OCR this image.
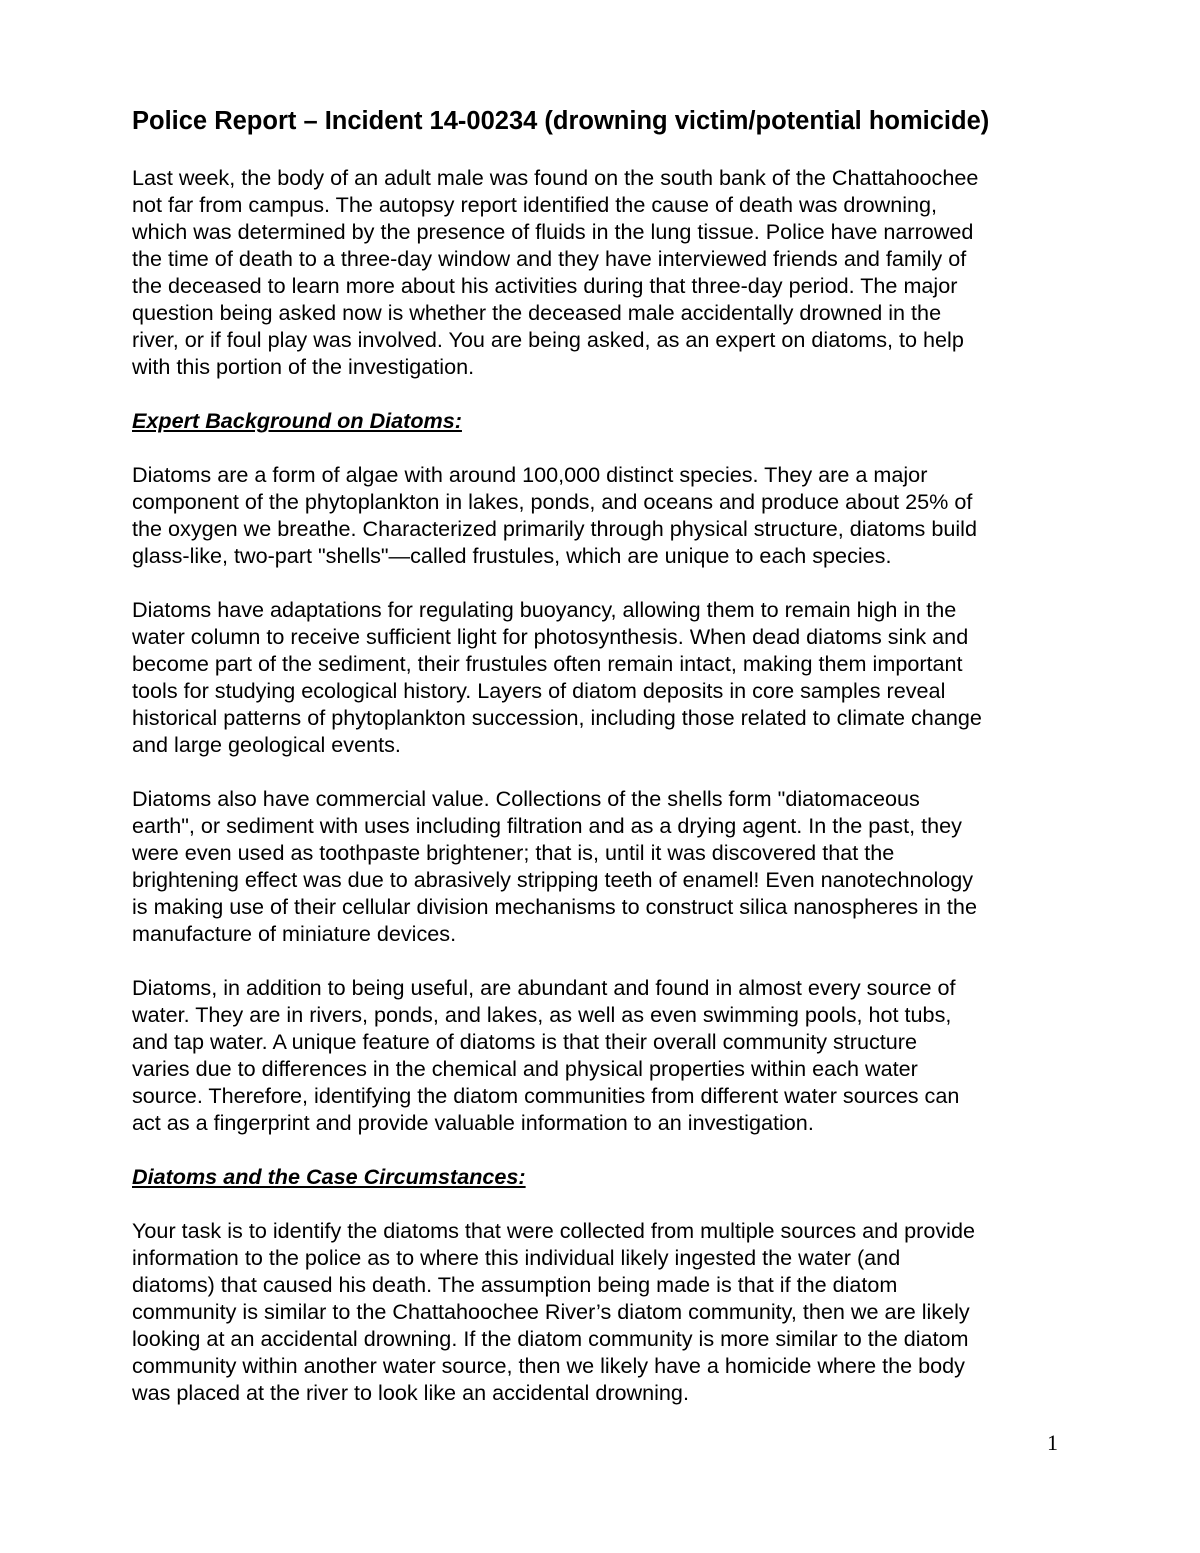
Police Report – Incident 14-00234 (drowning victim/potential homicide)
Last week, the body of an adult male was found on the south bank of the Chattahoochee
not far from campus. The autopsy report identified the cause of death was drowning,
which was determined by the presence of fluids in the lung tissue. Police have narrowed
the time of death to a three-day window and they have interviewed friends and family of
the deceased to learn more about his activities during that three-day period. The major
question being asked now is whether the deceased male accidentally drowned in the
river, or if foul play was involved. You are being asked, as an expert on diatoms, to help
with this portion of the investigation.
Expert Background on Diatoms:
Diatoms are a form of algae with around 100,000 distinct species. They are a major
component of the phytoplankton in lakes, ponds, and oceans and produce about 25% of
the oxygen we breathe. Characterized primarily through physical structure, diatoms build
glass-like, two-part "shells"—called frustules, which are unique to each species.
Diatoms have adaptations for regulating buoyancy, allowing them to remain high in the
water column to receive sufficient light for photosynthesis. When dead diatoms sink and
become part of the sediment, their frustules often remain intact, making them important
tools for studying ecological history. Layers of diatom deposits in core samples reveal
historical patterns of phytoplankton succession, including those related to climate change
and large geological events.
Diatoms also have commercial value. Collections of the shells form "diatomaceous
earth", or sediment with uses including filtration and as a drying agent. In the past, they
were even used as toothpaste brightener; that is, until it was discovered that the
brightening effect was due to abrasively stripping teeth of enamel! Even nanotechnology
is making use of their cellular division mechanisms to construct silica nanospheres in the
manufacture of miniature devices.
Diatoms, in addition to being useful, are abundant and found in almost every source of
water. They are in rivers, ponds, and lakes, as well as even swimming pools, hot tubs,
and tap water. A unique feature of diatoms is that their overall community structure
varies due to differences in the chemical and physical properties within each water
source. Therefore, identifying the diatom communities from different water sources can
act as a fingerprint and provide valuable information to an investigation.
Diatoms and the Case Circumstances:
Your task is to identify the diatoms that were collected from multiple sources and provide
information to the police as to where this individual likely ingested the water (and
diatoms) that caused his death. The assumption being made is that if the diatom
community is similar to the Chattahoochee River’s diatom community, then we are likely
looking at an accidental drowning. If the diatom community is more similar to the diatom
community within another water source, then we likely have a homicide where the body
was placed at the river to look like an accidental drowning.
1
